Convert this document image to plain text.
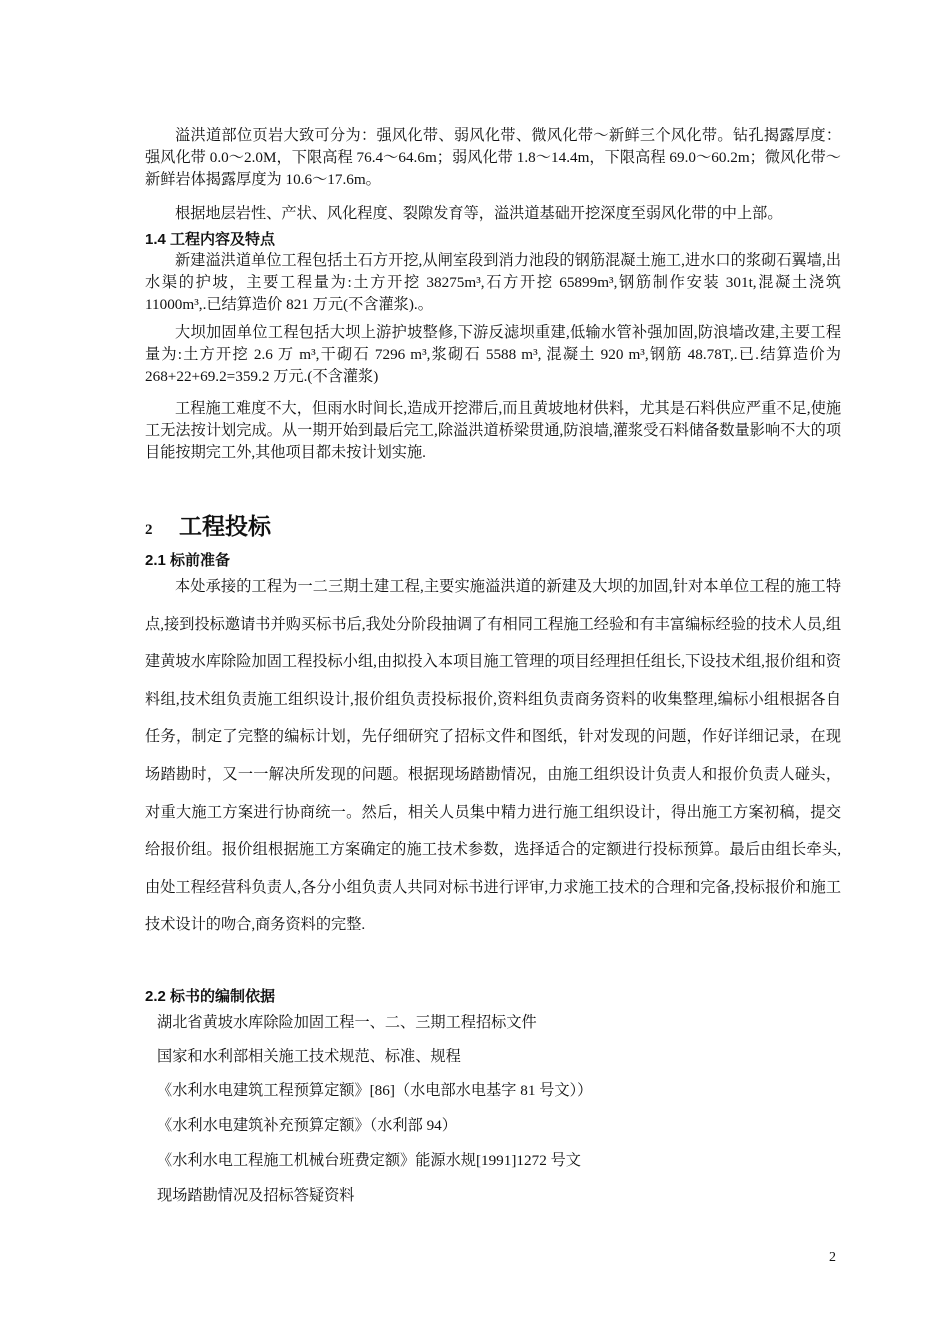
溢洪道部位页岩大致可分为：强风化带、弱风化带、微风化带～新鲜三个风化带。钻孔揭露厚度：强风化带 0.0～2.0M，下限高程 76.4～64.6m；弱风化带 1.8～14.4m，下限高程 69.0～60.2m；微风化带～新鲜岩体揭露厚度为 10.6～17.6m。

根据地层岩性、产状、风化程度、裂隙发育等，溢洪道基础开挖深度至弱风化带的中上部。

1.4 工程内容及特点

新建溢洪道单位工程包括土石方开挖,从闸室段到消力池段的钢筋混凝土施工,进水口的浆砌石翼墙,出水渠的护坡，主要工程量为:土方开挖 38275m³,石方开挖 65899m³,钢筋制作安装 301t,混凝土浇筑 11000m³,.已结算造价 821 万元(不含灌浆).。

大坝加固单位工程包括大坝上游护坡整修,下游反滤坝重建,低输水管补强加固,防浪墙改建,主要工程量为:土方开挖 2.6 万 m³,干砌石 7296 m³,浆砌石 5588 m³, 混凝土 920 m³,钢筋 48.78T,.已.结算造价为 268+22+69.2=359.2 万元.(不含灌浆)

工程施工难度不大，但雨水时间长,造成开挖滞后,而且黄坡地材供料，尤其是石料供应严重不足,使施工无法按计划完成。从一期开始到最后完工,除溢洪道桥梁贯通,防浪墙,灌浆受石料储备数量影响不大的项目能按期完工外,其他项目都未按计划实施.

2 工程投标
2.1 标前准备

本处承接的工程为一二三期土建工程,主要实施溢洪道的新建及大坝的加固,针对本单位工程的施工特点,接到投标邀请书并购买标书后,我处分阶段抽调了有相同工程施工经验和有丰富编标经验的技术人员,组建黄坡水库除险加固工程投标小组,由拟投入本项目施工管理的项目经理担任组长,下设技术组,报价组和资料组,技术组负责施工组织设计,报价组负责投标报价,资料组负责商务资料的收集整理,编标小组根据各自任务，制定了完整的编标计划，先仔细研究了招标文件和图纸，针对发现的问题，作好详细记录，在现场踏勘时，又一一解决所发现的问题。根据现场踏勘情况，由施工组织设计负责人和报价负责人碰头，对重大施工方案进行协商统一。然后，相关人员集中精力进行施工组织设计，得出施工方案初稿，提交给报价组。报价组根据施工方案确定的施工技术参数，选择适合的定额进行投标预算。最后由组长牵头,由处工程经营科负责人,各分小组负责人共同对标书进行评审,力求施工技术的合理和完备,投标报价和施工技术设计的吻合,商务资料的完整.

2.2 标书的编制依据

湖北省黄坡水库除险加固工程一、二、三期工程招标文件

国家和水利部相关施工技术规范、标准、规程

《水利水电建筑工程预算定额》[86]（水电部水电基字 81 号文））

《水利水电建筑补充预算定额》（水利部 94）

《水利水电工程施工机械台班费定额》能源水规[1991]1272 号文

现场踏勘情况及招标答疑资料

2
